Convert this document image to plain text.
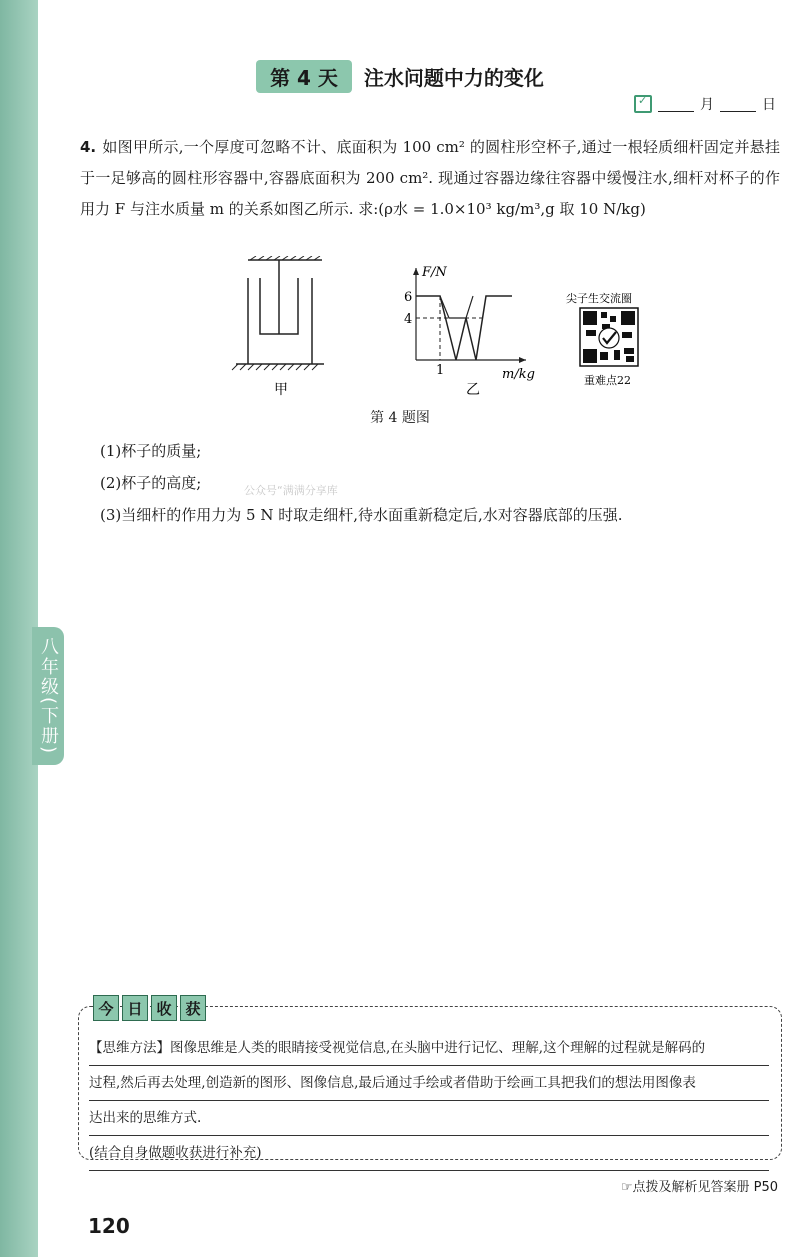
八年级(下册)
第 4 天 注水问题中力的变化
✓
月	日
4. 如图甲所示,一个厚度可忽略不计、底面积为 100 cm² 的圆柱形空杯子,通过一根轻质细杆固定并悬挂于一足够高的圆柱形容器中,容器底面积为 200 cm². 现通过容器边缘往容器中缓慢注水,细杆对杯子的作用力 F 与注水质量 m 的关系如图乙所示. 求:(ρ水 = 1.0×10³ kg/m³,g 取 10 N/kg)
甲
F/N
m/kg
6
4
1
乙
尖子生交流圈
重难点22
第 4 题图
(1)杯子的质量;
(2)杯子的高度;	公众号“满满分享库
(3)当细杆的作用力为 5 N 时取走细杆,待水面重新稳定后,水对容器底部的压强.
今 日 收 获
【思维方法】图像思维是人类的眼睛接受视觉信息,在头脑中进行记忆、理解,这个理解的过程就是解码的
过程,然后再去处理,创造新的图形、图像信息,最后通过手绘或者借助于绘画工具把我们的想法用图像表
达出来的思维方式.
(结合自身做题收获进行补充)
☞点拨及解析见答案册 P50
120
